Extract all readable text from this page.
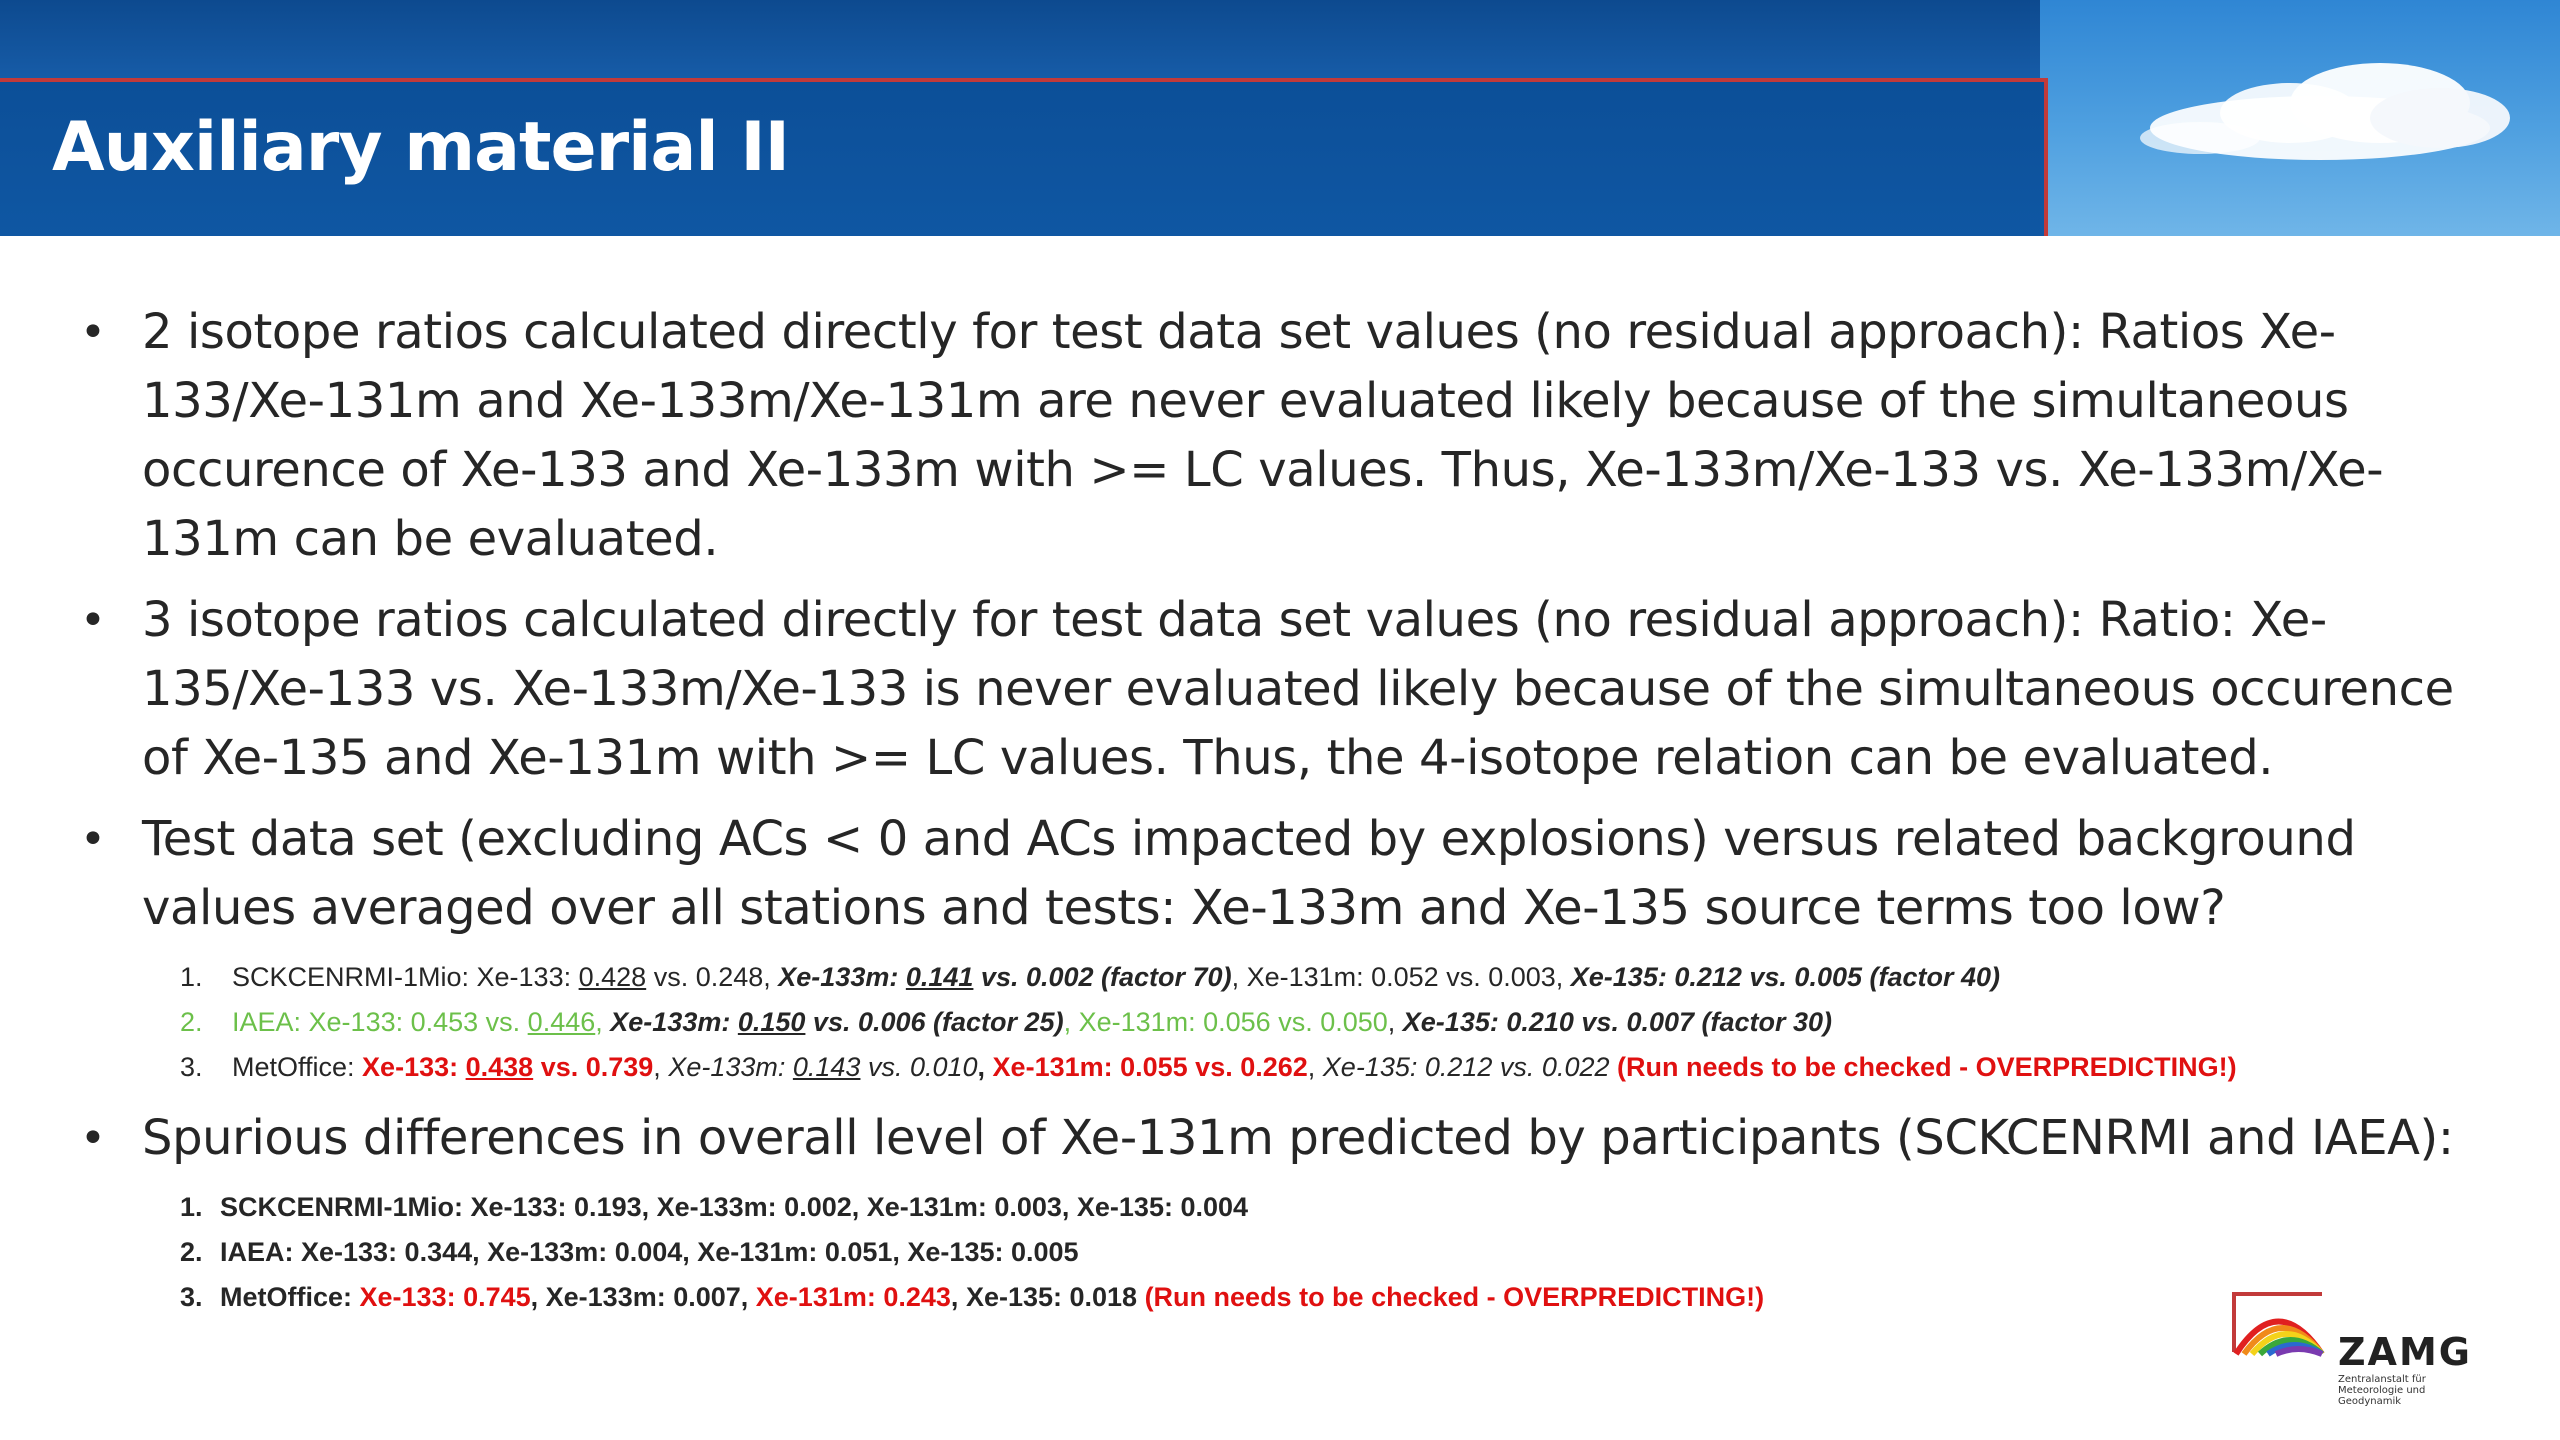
Auxiliary material II
• 2 isotope ratios calculated directly for test data set values (no residual approach): Ratios Xe-133/Xe-131m and Xe-133m/Xe-131m are never evaluated likely because of the simultaneous occurence of Xe-133 and Xe-133m with >= LC values. Thus, Xe-133m/Xe-133 vs. Xe-133m/Xe-131m can be evaluated.
• 3 isotope ratios calculated directly for test data set values (no residual approach): Ratio: Xe-135/Xe-133 vs. Xe-133m/Xe-133 is never evaluated likely because of the simultaneous occurence of Xe-135 and Xe-131m with >= LC values. Thus, the 4-isotope relation can be evaluated.
• Test data set (excluding ACs < 0 and ACs impacted by explosions) versus related background values averaged over all stations and tests: Xe-133m and Xe-135 source terms too low?
1. SCKCENRMI-1Mio: Xe-133: 0.428 vs. 0.248, Xe-133m: 0.141 vs. 0.002 (factor 70), Xe-131m: 0.052 vs. 0.003, Xe-135: 0.212 vs. 0.005 (factor 40)
2. IAEA: Xe-133: 0.453 vs. 0.446, Xe-133m: 0.150 vs. 0.006 (factor 25), Xe-131m: 0.056 vs. 0.050, Xe-135: 0.210 vs. 0.007 (factor 30)
3. MetOffice: Xe-133: 0.438 vs. 0.739, Xe-133m: 0.143 vs. 0.010, Xe-131m: 0.055 vs. 0.262, Xe-135: 0.212 vs. 0.022 (Run needs to be checked - OVERPREDICTING!)
• Spurious differences in overall level of Xe-131m predicted by participants (SCKCENRMI and IAEA):
1. SCKCENRMI-1Mio: Xe-133: 0.193, Xe-133m: 0.002, Xe-131m: 0.003, Xe-135: 0.004
2. IAEA: Xe-133: 0.344, Xe-133m: 0.004, Xe-131m: 0.051, Xe-135: 0.005
3. MetOffice: Xe-133: 0.745, Xe-133m: 0.007, Xe-131m: 0.243, Xe-135: 0.018 (Run needs to be checked - OVERPREDICTING!)
ZAMG
Zentralanstalt für Meteorologie und Geodynamik
